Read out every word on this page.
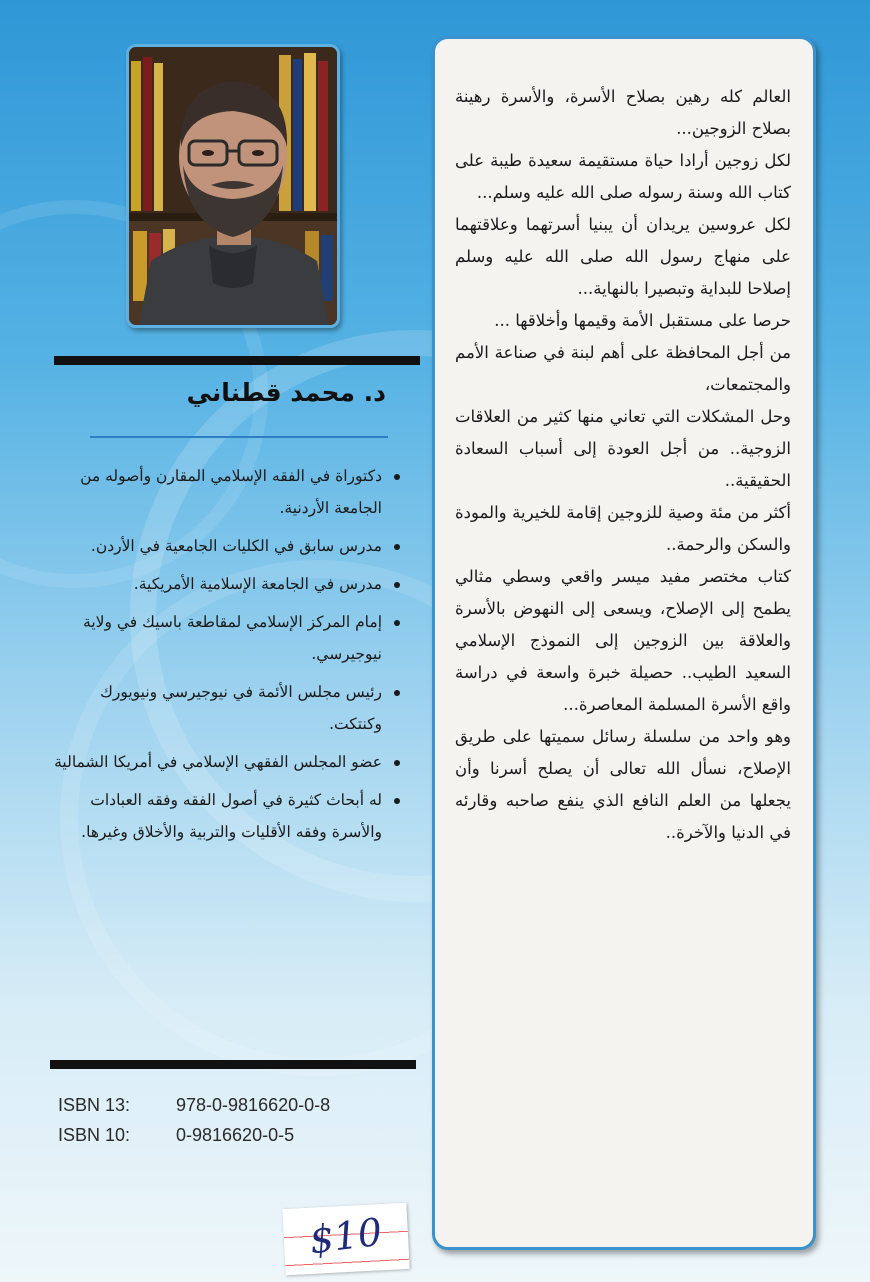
العالم كله رهين بصلاح الأسرة، والأسرة رهينة بصلاح الزوجين...
لكل زوجين أرادا حياة مستقيمة سعيدة طيبة على كتاب الله وسنة رسوله صلى الله عليه وسلم...
لكل عروسين يريدان أن يبنيا أسرتهما وعلاقتهما على منهاج رسول الله صلى الله عليه وسلم إصلاحا للبداية وتبصيرا بالنهاية...
حرصا على مستقبل الأمة وقيمها وأخلاقها ...
من أجل المحافظة على أهم لبنة في صناعة الأمم والمجتمعات،
وحل المشكلات التي تعاني منها كثير من العلاقات الزوجية.. من أجل العودة إلى أسباب السعادة الحقيقية..
أكثر من مئة وصية للزوجين إقامة للخيرية والمودة والسكن والرحمة..
كتاب مختصر مفيد ميسر واقعي وسطي مثالي يطمح إلى الإصلاح، ويسعى إلى النهوض بالأسرة والعلاقة بين الزوجين إلى النموذج الإسلامي السعيد الطيب.. حصيلة خبرة واسعة في دراسة واقع الأسرة المسلمة المعاصرة...
وهو واحد من سلسلة رسائل سميتها على طريق الإصلاح، نسأل الله تعالى أن يصلح أسرنا وأن يجعلها من العلم النافع الذي ينفع صاحبه وقارئه في الدنيا والآخرة..
د. محمد قطناني
دكتوراة في الفقه الإسلامي المقارن وأصوله من الجامعة الأردنية.
مدرس سابق في الكليات الجامعية في الأردن.
مدرس في الجامعة الإسلامية الأمريكية.
إمام المركز الإسلامي لمقاطعة باسيك في ولاية نيوجيرسي.
رئيس مجلس الأئمة في نيوجيرسي ونيويورك وكنتكت.
عضو المجلس الفقهي الإسلامي في أمريكا الشمالية
له أبحاث كثيرة في أصول الفقه وفقه العبادات والأسرة وفقه الأقليات والتربية والأخلاق وغيرها.
ISBN 13:	978-0-9816620-0-8
ISBN 10:	0-9816620-0-5
$10
